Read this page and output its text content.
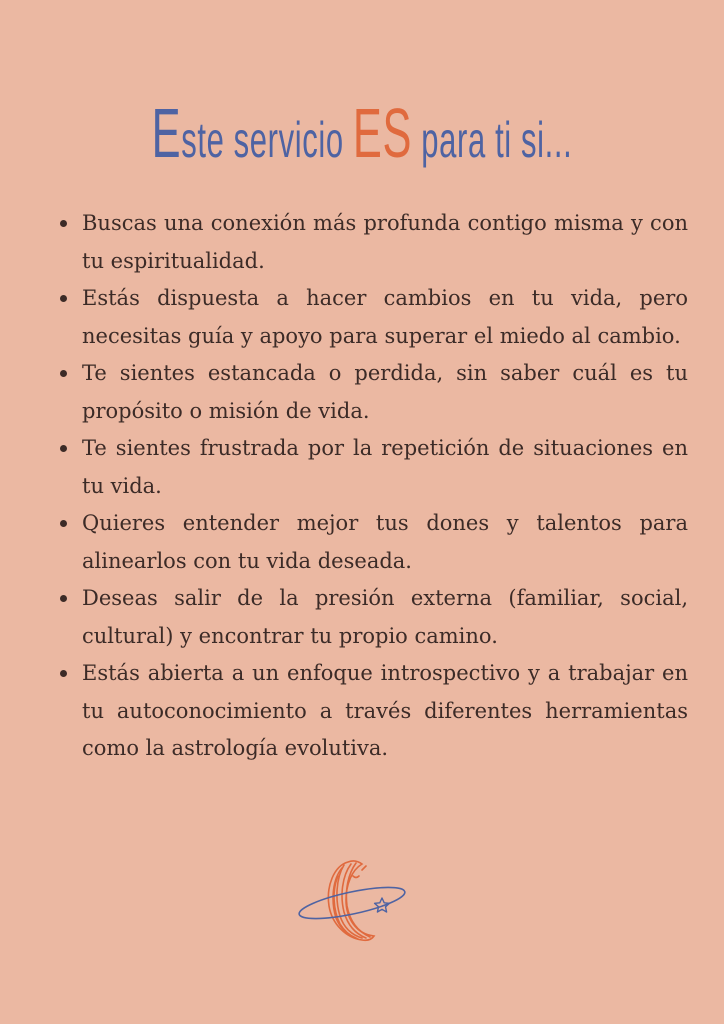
Este servicio ES para ti si...
Buscas una conexión más profunda contigo misma y con tu espiritualidad.
Estás dispuesta a hacer cambios en tu vida, pero necesitas guía y apoyo para superar el miedo al cambio.
Te sientes estancada o perdida, sin saber cuál es tu propósito o misión de vida.
Te sientes frustrada por la repetición de situaciones en tu vida.
Quieres entender mejor tus dones y talentos para alinearlos con tu vida deseada.
Deseas salir de la presión externa (familiar, social, cultural) y encontrar tu propio camino.
Estás abierta a un enfoque introspectivo y a trabajar en tu autoconocimiento a través diferentes herramientas como la astrología evolutiva.
